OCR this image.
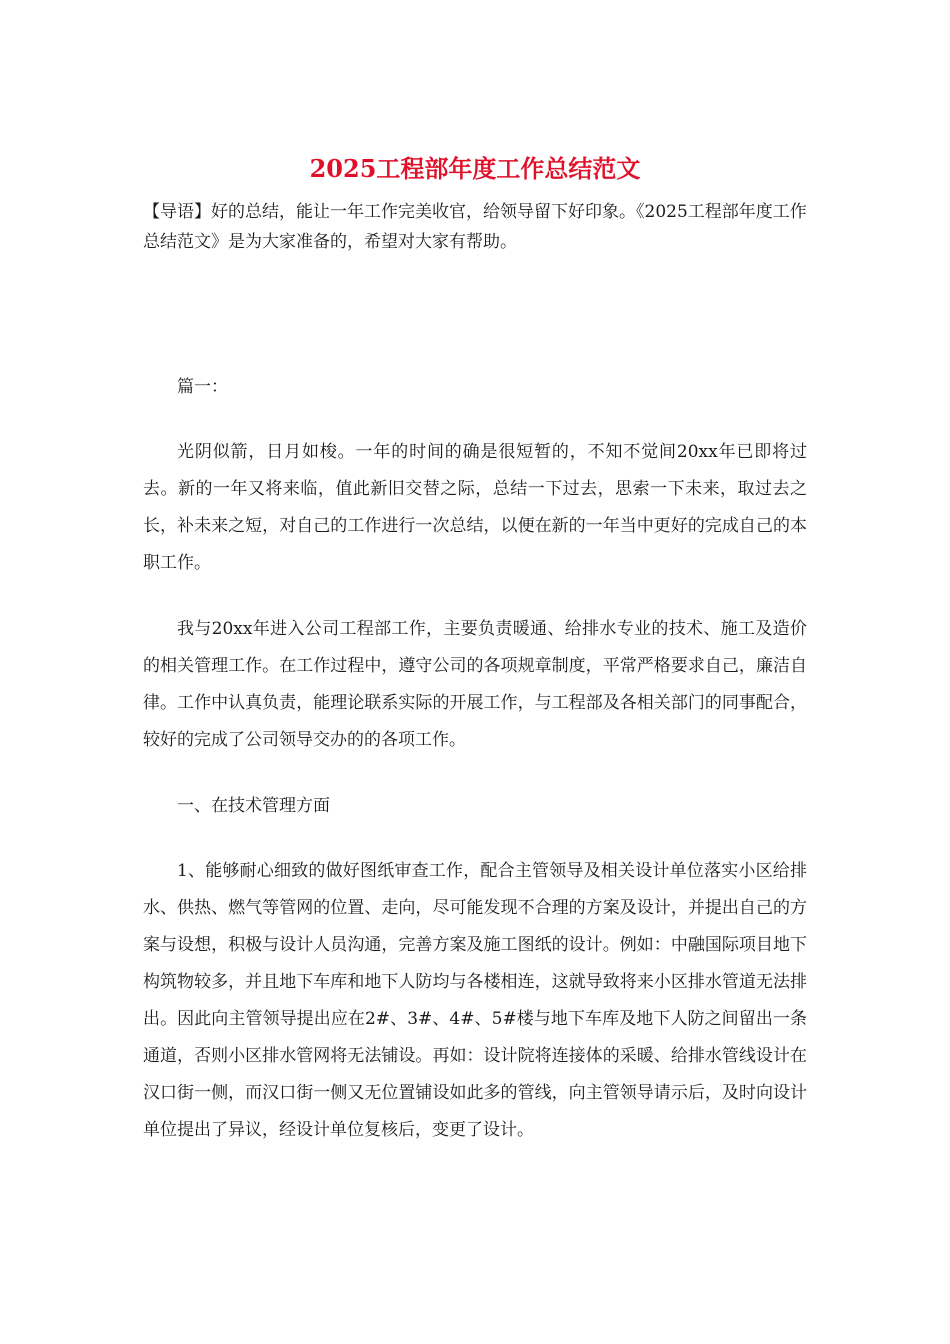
2025工程部年度工作总结范文

【导语】好的总结，能让一年工作完美收官，给领导留下好印象。《2025工程部年度工作总结范文》是为大家准备的，希望对大家有帮助。

篇一：

光阴似箭，日月如梭。一年的时间的确是很短暂的，不知不觉间20xx年已即将过去。新的一年又将来临，值此新旧交替之际，总结一下过去，思索一下未来，取过去之长，补未来之短，对自己的工作进行一次总结，以便在新的一年当中更好的完成自己的本职工作。

我与20xx年进入公司工程部工作，主要负责暖通、给排水专业的技术、施工及造价的相关管理工作。在工作过程中，遵守公司的各项规章制度，平常严格要求自己，廉洁自律。工作中认真负责，能理论联系实际的开展工作，与工程部及各相关部门的同事配合，较好的完成了公司领导交办的的各项工作。

一、在技术管理方面

1、能够耐心细致的做好图纸审查工作，配合主管领导及相关设计单位落实小区给排水、供热、燃气等管网的位置、走向，尽可能发现不合理的方案及设计，并提出自己的方案与设想，积极与设计人员沟通，完善方案及施工图纸的设计。例如：中融国际项目地下构筑物较多，并且地下车库和地下人防均与各楼相连，这就导致将来小区排水管道无法排出。因此向主管领导提出应在2#、3#、4#、5#楼与地下车库及地下人防之间留出一条通道，否则小区排水管网将无法铺设。再如：设计院将连接体的采暖、给排水管线设计在汉口街一侧，而汉口街一侧又无位置铺设如此多的管线，向主管领导请示后，及时向设计单位提出了异议，经设计单位复核后，变更了设计。
